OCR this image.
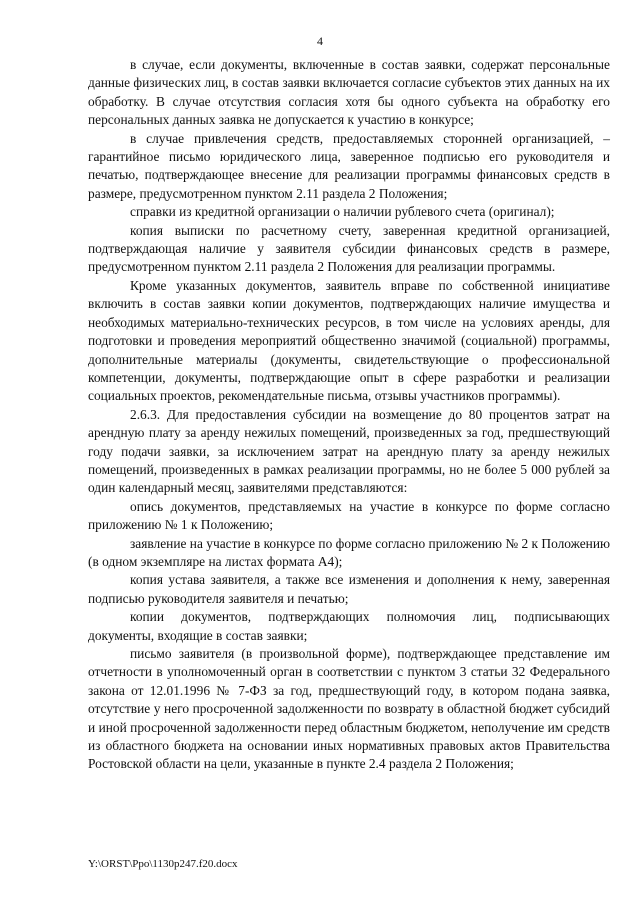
4

в случае, если документы, включенные в состав заявки, содержат персональные данные физических лиц, в состав заявки включается согласие субъектов этих данных на их обработку. В случае отсутствия согласия хотя бы одного субъекта на обработку его персональных данных заявка не допускается к участию в конкурсе;

в случае привлечения средств, предоставляемых сторонней организацией, – гарантийное письмо юридического лица, заверенное подписью его руководителя и печатью, подтверждающее внесение для реализации программы финансовых средств в размере, предусмотренном пунктом 2.11 раздела 2 Положения;

справки из кредитной организации о наличии рублевого счета (оригинал);

копия выписки по расчетному счету, заверенная кредитной организацией, подтверждающая наличие у заявителя субсидии финансовых средств в размере, предусмотренном пунктом 2.11 раздела 2 Положения для реализации программы.

Кроме указанных документов, заявитель вправе по собственной инициативе включить в состав заявки копии документов, подтверждающих наличие имущества и необходимых материально-технических ресурсов, в том числе на условиях аренды, для подготовки и проведения мероприятий общественно значимой (социальной) программы, дополнительные материалы (документы, свидетельствующие о профессиональной компетенции, документы, подтверждающие опыт в сфере разработки и реализации социальных проектов, рекомендательные письма, отзывы участников программы).

2.6.3. Для предоставления субсидии на возмещение до 80 процентов затрат на арендную плату за аренду нежилых помещений, произведенных за год, предшествующий году подачи заявки, за исключением затрат на арендную плату за аренду нежилых помещений, произведенных в рамках реализации программы, но не более 5 000 рублей за один календарный месяц, заявителями представляются:

опись документов, представляемых на участие в конкурсе по форме согласно приложению № 1 к Положению;

заявление на участие в конкурсе по форме согласно приложению № 2 к Положению (в одном экземпляре на листах формата А4);

копия устава заявителя, а также все изменения и дополнения к нему, заверенная подписью руководителя заявителя и печатью;

копии документов, подтверждающих полномочия лиц, подписывающих документы, входящие в состав заявки;

письмо заявителя (в произвольной форме), подтверждающее представление им отчетности в уполномоченный орган в соответствии с пунктом 3 статьи 32 Федерального закона от 12.01.1996 № 7-ФЗ за год, предшествующий году, в котором подана заявка, отсутствие у него просроченной задолженности по возврату в областной бюджет субсидий и иной просроченной задолженности перед областным бюджетом, неполучение им средств из областного бюджета на основании иных нормативных правовых актов Правительства Ростовской области на цели, указанные в пункте 2.4 раздела 2 Положения;

Y:\ORST\Ppo\1130p247.f20.docx
